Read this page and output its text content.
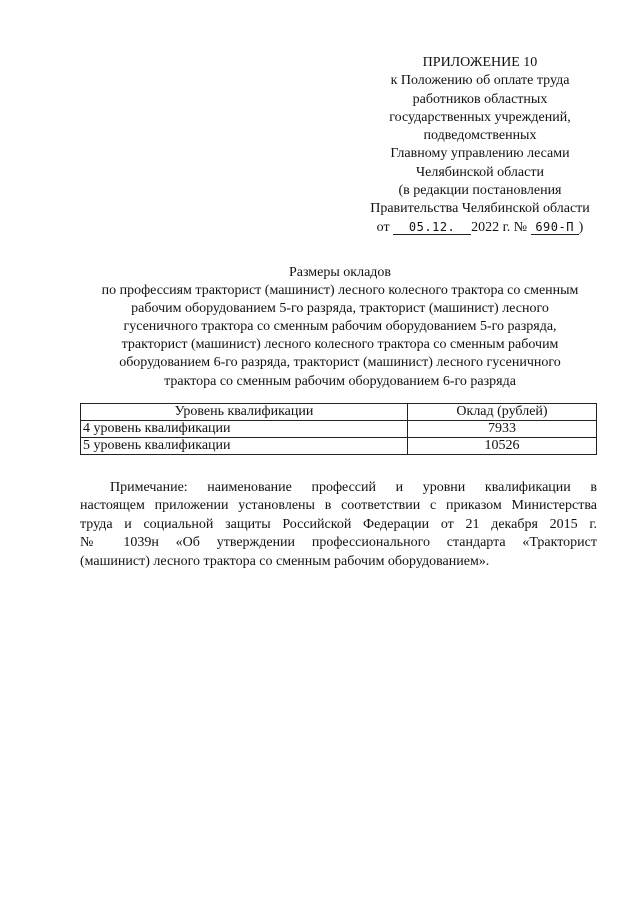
ПРИЛОЖЕНИЕ 10
к Положению об оплате труда
работников областных
государственных учреждений,
подведомственных
Главному управлению лесами
Челябинской области
(в редакции постановления
Правительства Челябинской области
от 05.12. 2022 г. № 690-П )
Размеры окладов
по профессиям тракторист (машинист) лесного колесного трактора со сменным
рабочим оборудованием 5-го разряда, тракторист (машинист) лесного
гусеничного трактора со сменным рабочим оборудованием 5-го разряда,
тракторист (машинист) лесного колесного трактора со сменным рабочим
оборудованием 6-го разряда, тракторист (машинист) лесного гусеничного
трактора со сменным рабочим оборудованием 6-го разряда
Уровень квалификации	Оклад (рублей)
4 уровень квалификации	7933
5 уровень квалификации	10526
Примечание: наименование профессий и уровни квалификации в
настоящем приложении установлены в соответствии с приказом Министерства
труда и социальной защиты Российской Федерации от 21 декабря 2015 г.
№ 1039н «Об утверждении профессионального стандарта «Тракторист
(машинист) лесного трактора со сменным рабочим оборудованием».
